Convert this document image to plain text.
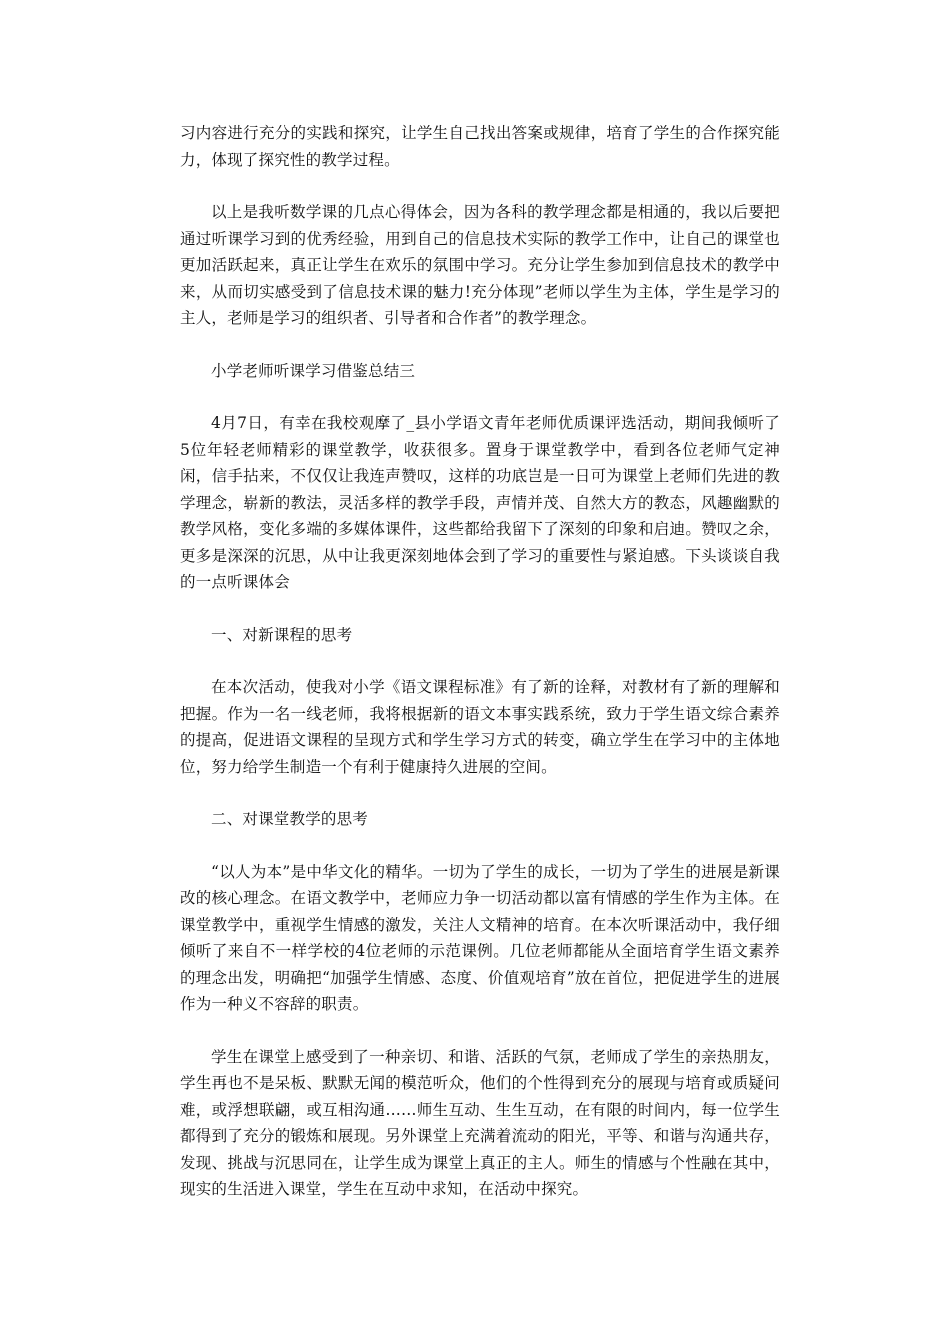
习内容进行充分的实践和探究，让学生自己找出答案或规律，培育了学生的合作探究能力，体现了探究性的教学过程。

以上是我听数学课的几点心得体会，因为各科的教学理念都是相通的，我以后要把通过听课学习到的优秀经验，用到自己的信息技术实际的教学工作中，让自己的课堂也更加活跃起来，真正让学生在欢乐的氛围中学习。充分让学生参加到信息技术的教学中来，从而切实感受到了信息技术课的魅力!充分体现”老师以学生为主体，学生是学习的主人，老师是学习的组织者、引导者和合作者”的教学理念。

小学老师听课学习借鉴总结三

4月7日，有幸在我校观摩了_县小学语文青年老师优质课评选活动，期间我倾听了5位年轻老师精彩的课堂教学，收获很多。置身于课堂教学中，看到各位老师气定神闲，信手拈来，不仅仅让我连声赞叹，这样的功底岂是一日可为课堂上老师们先进的教学理念，崭新的教法，灵活多样的教学手段，声情并茂、自然大方的教态，风趣幽默的教学风格，变化多端的多媒体课件，这些都给我留下了深刻的印象和启迪。赞叹之余，更多是深深的沉思，从中让我更深刻地体会到了学习的重要性与紧迫感。下头谈谈自我的一点听课体会

一、对新课程的思考

在本次活动，使我对小学《语文课程标准》有了新的诠释，对教材有了新的理解和把握。作为一名一线老师，我将根据新的语文本事实践系统，致力于学生语文综合素养的提高，促进语文课程的呈现方式和学生学习方式的转变，确立学生在学习中的主体地位，努力给学生制造一个有利于健康持久进展的空间。

二、对课堂教学的思考

“以人为本”是中华文化的精华。一切为了学生的成长，一切为了学生的进展是新课改的核心理念。在语文教学中，老师应力争一切活动都以富有情感的学生作为主体。在课堂教学中，重视学生情感的激发，关注人文精神的培育。在本次听课活动中，我仔细倾听了来自不一样学校的4位老师的示范课例。几位老师都能从全面培育学生语文素养的理念出发，明确把“加强学生情感、态度、价值观培育”放在首位，把促进学生的进展作为一种义不容辞的职责。

学生在课堂上感受到了一种亲切、和谐、活跃的气氛，老师成了学生的亲热朋友，学生再也不是呆板、默默无闻的模范听众，他们的个性得到充分的展现与培育或质疑问难，或浮想联翩，或互相沟通……师生互动、生生互动，在有限的时间内，每一位学生都得到了充分的锻炼和展现。另外课堂上充满着流动的阳光，平等、和谐与沟通共存，发现、挑战与沉思同在，让学生成为课堂上真正的主人。师生的情感与个性融在其中，现实的生活进入课堂，学生在互动中求知，在活动中探究。
